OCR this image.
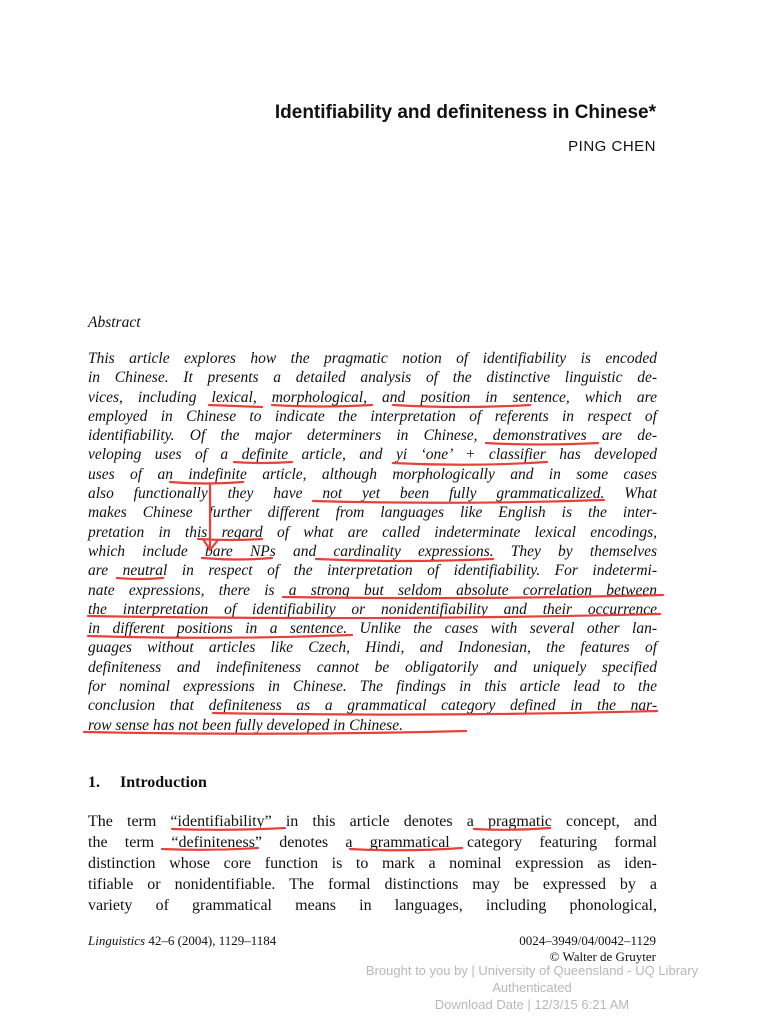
Identifiability and definiteness in Chinese*
PING CHEN
Abstract
This article explores how the pragmatic notion of identifiability is encoded
in Chinese. It presents a detailed analysis of the distinctive linguistic de-
vices, including lexical, morphological, and position in sentence, which are
employed in Chinese to indicate the interpretation of referents in respect of
identifiability. Of the major determiners in Chinese, demonstratives are de-
veloping uses of a definite article, and yi ‘one’ + classifier has developed
uses of an indefinite article, although morphologically and in some cases
also functionally they have not yet been fully grammaticalized. What
makes Chinese further different from languages like English is the inter-
pretation in this regard of what are called indeterminate lexical encodings,
which include bare NPs and cardinality expressions. They by themselves
are neutral in respect of the interpretation of identifiability. For indetermi-
nate expressions, there is a strong but seldom absolute correlation between
the interpretation of identifiability or nonidentifiability and their occurrence
in different positions in a sentence. Unlike the cases with several other lan-
guages without articles like Czech, Hindi, and Indonesian, the features of
definiteness and indefiniteness cannot be obligatorily and uniquely specified
for nominal expressions in Chinese. The findings in this article lead to the
conclusion that definiteness as a grammatical category defined in the nar-
row sense has not been fully developed in Chinese.
1. Introduction
The term “identifiability” in this article denotes a pragmatic concept, and
the term “definiteness” denotes a grammatical category featuring formal
distinction whose core function is to mark a nominal expression as iden-
tifiable or nonidentifiable. The formal distinctions may be expressed by a
variety of grammatical means in languages, including phonological,
Linguistics 42–6 (2004), 1129–1184	0024–3949/04/0042–1129
© Walter de Gruyter
Brought to you by | University of Queensland - UQ Library
Authenticated
Download Date | 12/3/15 6:21 AM
